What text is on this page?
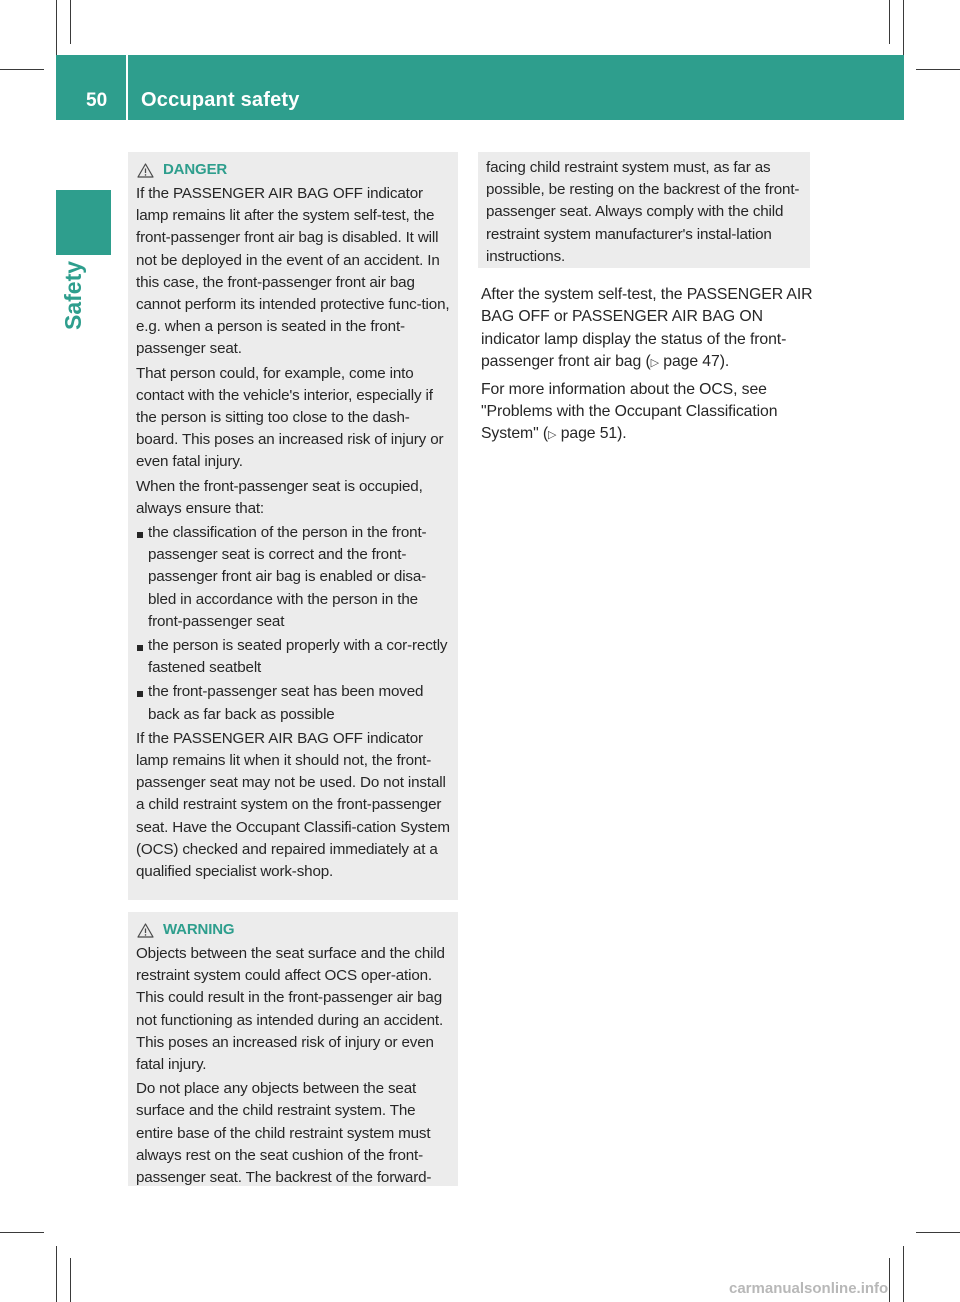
50 Occupant safety
Safety
DANGER

If the PASSENGER AIR BAG OFF indicator lamp remains lit after the system self-test, the front-passenger front air bag is disabled. It will not be deployed in the event of an accident. In this case, the front-passenger front air bag cannot perform its intended protective func-tion, e.g. when a person is seated in the front-passenger seat.

That person could, for example, come into contact with the vehicle's interior, especially if the person is sitting too close to the dash-board. This poses an increased risk of injury or even fatal injury.

When the front-passenger seat is occupied, always ensure that:

the classification of the person in the front-passenger seat is correct and the front-passenger front air bag is enabled or disa-bled in accordance with the person in the front-passenger seat
the person is seated properly with a cor-rectly fastened seatbelt
the front-passenger seat has been moved back as far back as possible

If the PASSENGER AIR BAG OFF indicator lamp remains lit when it should not, the front-passenger seat may not be used. Do not install a child restraint system on the front-passenger seat. Have the Occupant Classifi-cation System (OCS) checked and repaired immediately at a qualified specialist work-shop.

WARNING

Objects between the seat surface and the child restraint system could affect OCS oper-ation. This could result in the front-passenger air bag not functioning as intended during an accident. This poses an increased risk of injury or even fatal injury.

Do not place any objects between the seat surface and the child restraint system. The entire base of the child restraint system must always rest on the seat cushion of the front-passenger seat. The backrest of the forward-

facing child restraint system must, as far as possible, be resting on the backrest of the front-passenger seat. Always comply with the child restraint system manufacturer's instal-lation instructions.

After the system self-test, the PASSENGER AIR BAG OFF or PASSENGER AIR BAG ON indicator lamp display the status of the front-passenger front air bag (▷ page 47).

For more information about the OCS, see "Problems with the Occupant Classification System" (▷ page 51).

carmanualsonline.info
